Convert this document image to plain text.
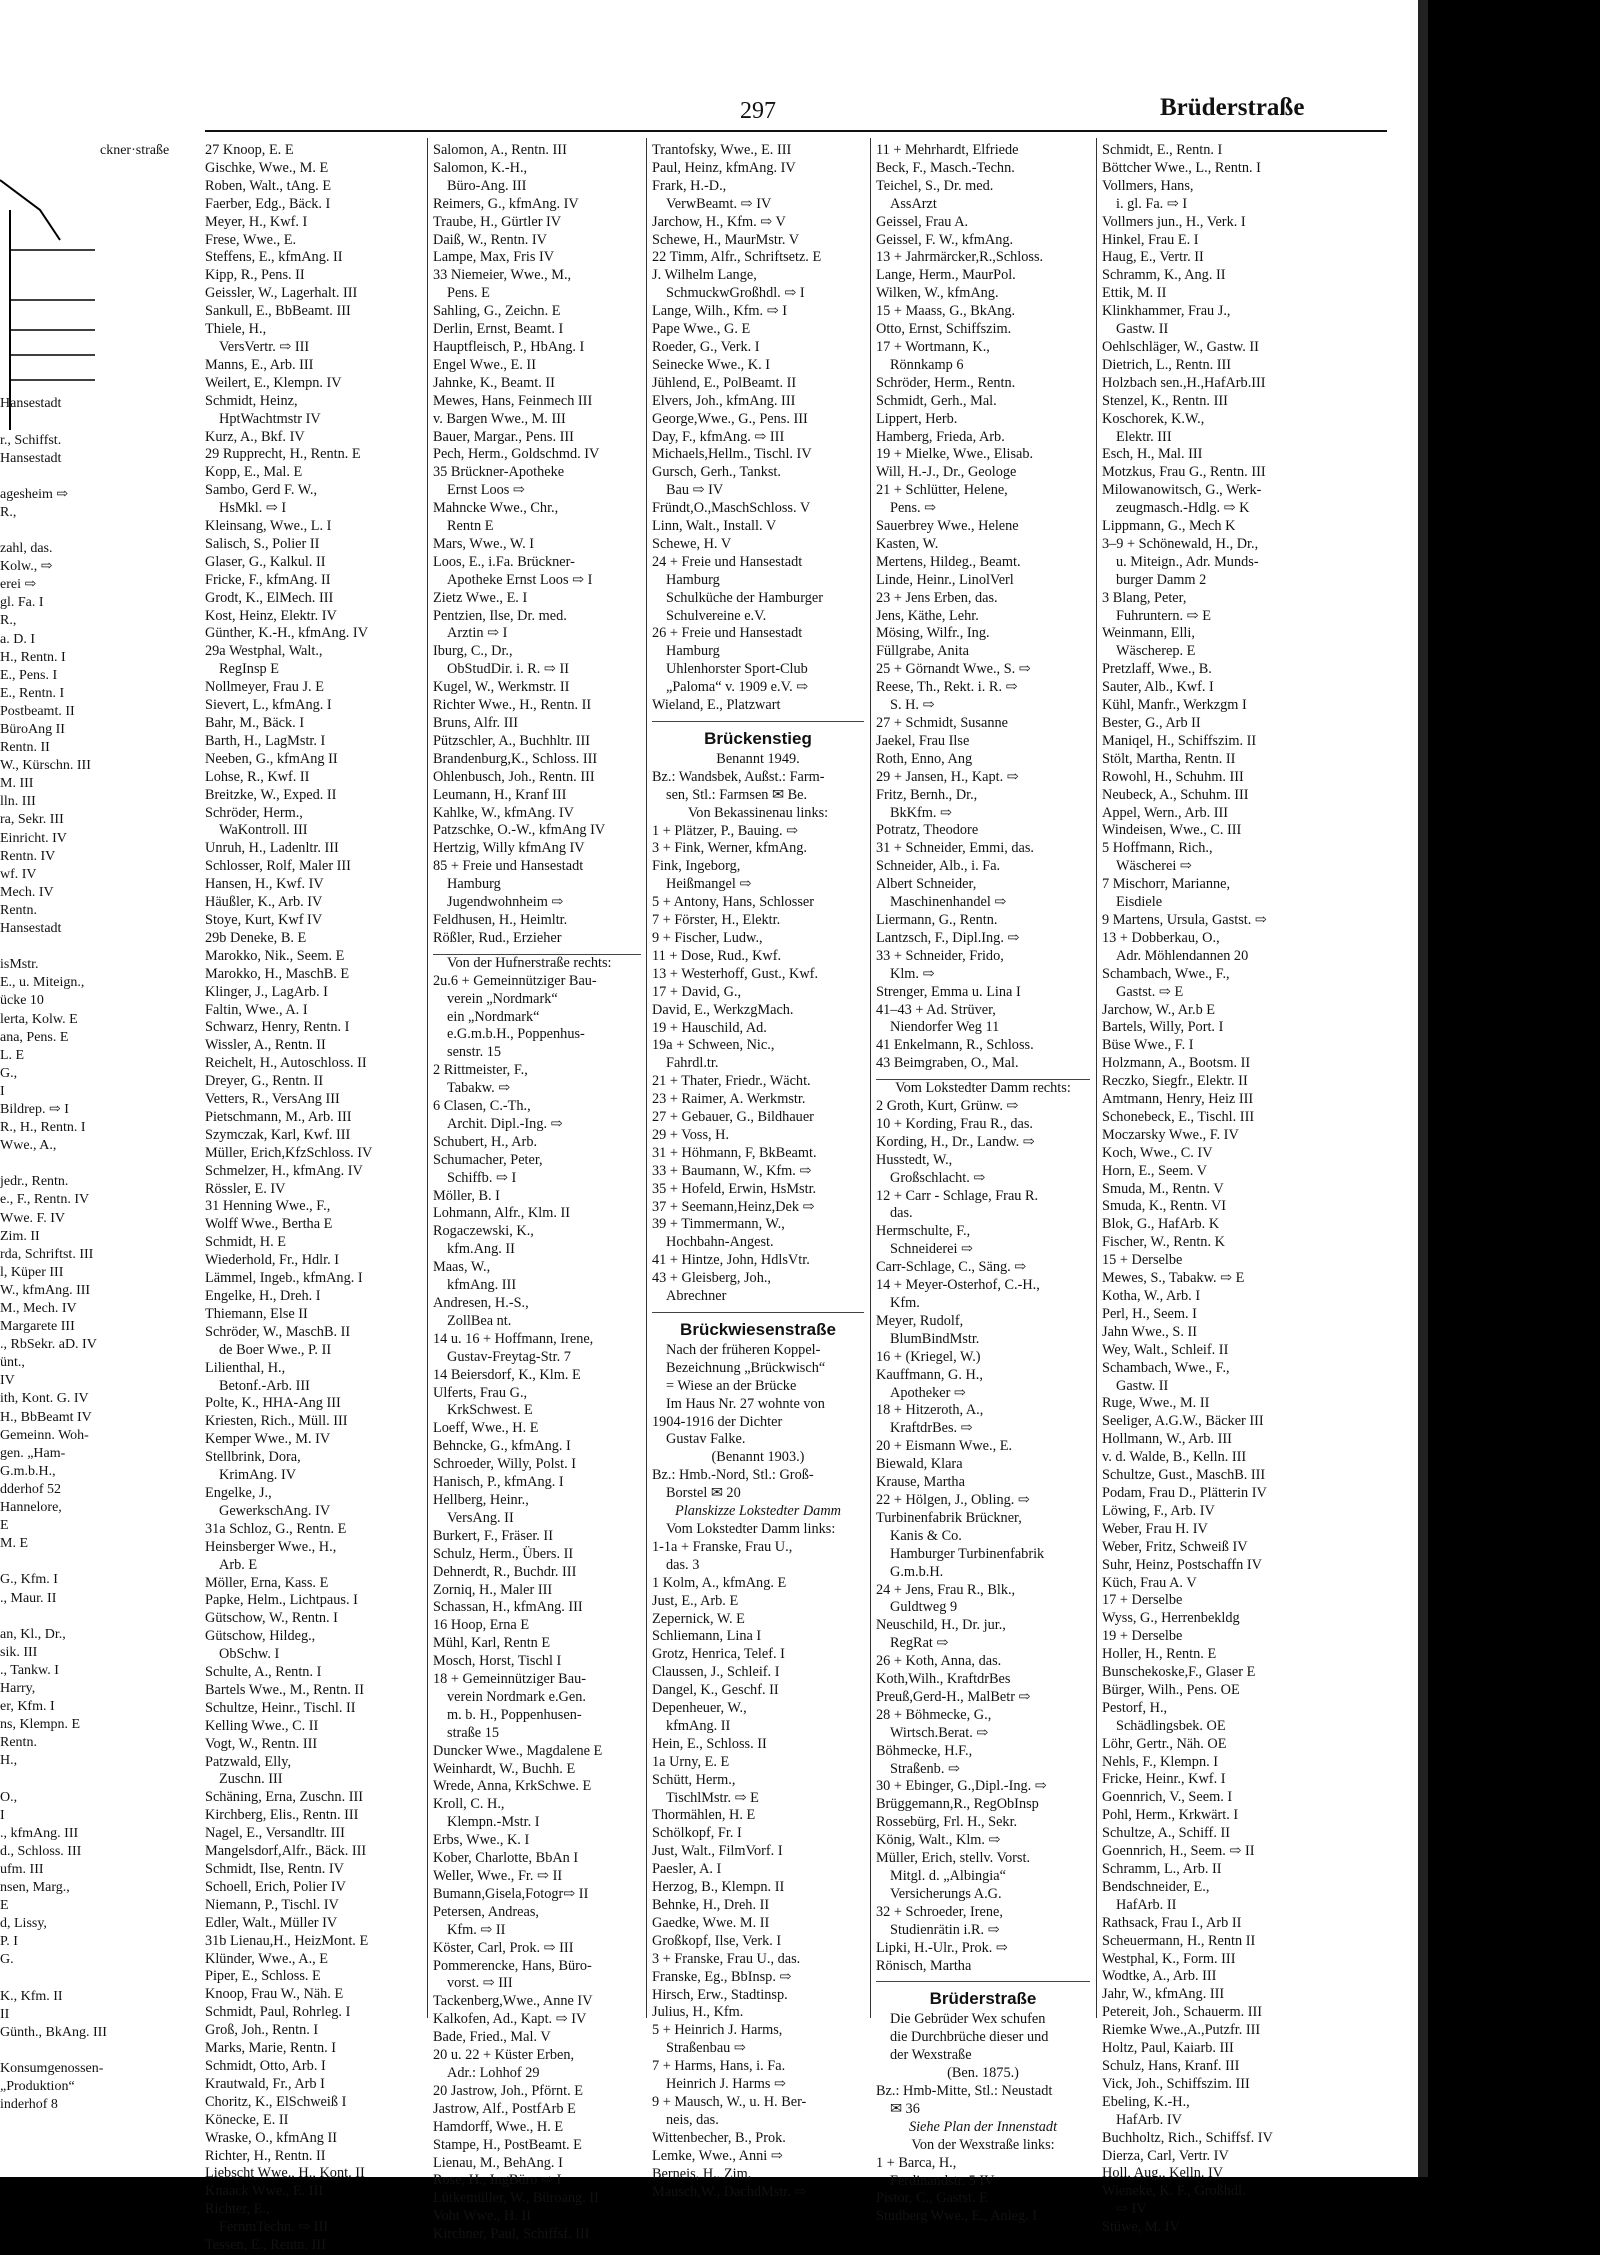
ckner·straße

Hansestadt

r., Schiffst.
Hansestadt

agesheim ⇨
R.,

zahl, das.
Kolw., ⇨
erei ⇨
gl. Fa. I
R.,
a. D. I
H., Rentn. I
E., Pens. I
E., Rentn. I
Postbeamt. II
BüroAng II
Rentn. II
W., Kürschn. III
M. III
lln. III
ra, Sekr. III
Einricht. IV
Rentn. IV
wf. IV
Mech. IV
Rentn.
Hansestadt

isMstr.
E., u. Miteign.,
ücke 10
lerta, Kolw. E
ana, Pens. E
L. E
G.,
I
Bildrep. ⇨ I
R., H., Rentn. I
Wwe., A.,

jedr., Rentn.
e., F., Rentn. IV
Wwe. F. IV
Zim. II
rda, Schriftst. III
l, Küper III
W., kfmAng. III
M., Mech. IV
Margarete III
., RbSekr. aD. IV
ünt.,
IV
ith, Kont. G. IV
H., BbBeamt IV
Gemeinn. Woh-
gen. „Ham-
G.m.b.H.,
dderhof 52
Hannelore,
E
M. E

G., Kfm. I
., Maur. II

an, Kl., Dr.,
sik. III
., Tankw. I
Harry,
er, Kfm. I
ns, Klempn. E
Rentn.
H.,

O.,
I
., kfmAng. III
d., Schloss. III
ufm. III
nsen, Marg.,
E
d, Lissy,
P. I
G.

K., Kfm. II
II
Günth., BkAng. III

Konsumgenossen-
„Produktion“
inderhof 8
297	Brüderstraße
27 Knoop, E. E
Gischke, Wwe., M. E
Roben, Walt., tAng. E
Faerber, Edg., Bäck. I
Meyer, H., Kwf. I
Frese, Wwe., E.
Steffens, E., kfmAng. II
Kipp, R., Pens. II
Geissler, W., Lagerhalt. III
Sankull, E., BbBeamt. III
Thiele, H.,
VersVertr. ⇨ III
Manns, E., Arb. III
Weilert, E., Klempn. IV
Schmidt, Heinz,
HptWachtmstr IV
Kurz, A., Bkf. IV
29 Rupprecht, H., Rentn. E
Kopp, E., Mal. E
Sambo, Gerd F. W.,
HsMkl. ⇨ I
Kleinsang, Wwe., L. I
Salisch, S., Polier II
Glaser, G., Kalkul. II
Fricke, F., kfmAng. II
Grodt, K., ElMech. III
Kost, Heinz, Elektr. IV
Günther, K.-H., kfmAng. IV
29a Westphal, Walt.,
RegInsp E
Nollmeyer, Frau J. E
Sievert, L., kfmAng. I
Bahr, M., Bäck. I
Barth, H., LagMstr. I
Neeben, G., kfmAng II
Lohse, R., Kwf. II
Breitzke, W., Exped. II
Schröder, Herm.,
WaKontroll. III
Unruh, H., Ladenltr. III
Schlosser, Rolf, Maler III
Hansen, H., Kwf. IV
Häußler, K., Arb. IV
Stoye, Kurt, Kwf IV
29b Deneke, B. E
Marokko, Nik., Seem. E
Marokko, H., MaschB. E
Klinger, J., LagArb. I
Faltin, Wwe., A. I
Schwarz, Henry, Rentn. I
Wissler, A., Rentn. II
Reichelt, H., Autoschloss. II
Dreyer, G., Rentn. II
Vetters, R., VersAng III
Pietschmann, M., Arb. III
Szymczak, Karl, Kwf. III
Müller, Erich,KfzSchloss. IV
Schmelzer, H., kfmAng. IV
Rössler, E. IV
31 Henning Wwe., F.,
Wolff Wwe., Bertha E
Schmidt, H. E
Wiederhold, Fr., Hdlr. I
Lämmel, Ingeb., kfmAng. I
Engelke, H., Dreh. I
Thiemann, Else II
Schröder, W., MaschB. II
de Boer Wwe., P. II
Lilienthal, H.,
Betonf.-Arb. III
Polte, K., HHA-Ang III
Kriesten, Rich., Müll. III
Kemper Wwe., M. IV
Stellbrink, Dora,
KrimAng. IV
Engelke, J.,
GewerkschAng. IV
31a Schloz, G., Rentn. E
Heinsberger Wwe., H.,
Arb. E
Möller, Erna, Kass. E
Papke, Helm., Lichtpaus. I
Gütschow, W., Rentn. I
Gütschow, Hildeg.,
ObSchw. I
Schulte, A., Rentn. I
Bartels Wwe., M., Rentn. II
Schultze, Heinr., Tischl. II
Kelling Wwe., C. II
Vogt, W., Rentn. III
Patzwald, Elly,
Zuschn. III
Schäning, Erna, Zuschn. III
Kirchberg, Elis., Rentn. III
Nagel, E., Versandltr. III
Mangelsdorf,Alfr., Bäck. III
Schmidt, Ilse, Rentn. IV
Schoell, Erich, Polier IV
Niemann, P., Tischl. IV
Edler, Walt., Müller IV
31b Lienau,H., HeizMont. E
Klünder, Wwe., A., E
Piper, E., Schloss. E
Knoop, Frau W., Näh. E
Schmidt, Paul, Rohrleg. I
Groß, Joh., Rentn. I
Marks, Marie, Rentn. I
Schmidt, Otto, Arb. I
Krautwald, Fr., Arb I
Choritz, K., ElSchweiß I
Könecke, E. II
Wraske, O., kfmAng II
Richter, H., Rentn. II
Liebscht Wwe., H., Kont. II
Knaack Wwe., E. III
Richter, E.,
FernmTechn. ⇨ III
Tessen, E., Rentn. III
Salomon, A., Rentn. III
Salomon, K.-H.,
Büro-Ang. III
Reimers, G., kfmAng. IV
Traube, H., Gürtler IV
Daiß, W., Rentn. IV
Lampe, Max, Fris IV
33 Niemeier, Wwe., M.,
Pens. E
Sahling, G., Zeichn. E
Derlin, Ernst, Beamt. I
Hauptfleisch, P., HbAng. I
Engel Wwe., E. II
Jahnke, K., Beamt. II
Mewes, Hans, Feinmech III
v. Bargen Wwe., M. III
Bauer, Margar., Pens. III
Pech, Herm., Goldschmd. IV
35 Brückner-Apotheke
Ernst Loos ⇨
Mahncke Wwe., Chr.,
Rentn E
Mars, Wwe., W. I
Loos, E., i.Fa. Brückner-
Apotheke Ernst Loos ⇨ I
Zietz Wwe., E. I
Pentzien, Ilse, Dr. med.
Arztin ⇨ I
Iburg, C., Dr.,
ObStudDir. i. R. ⇨ II
Kugel, W., Werkmstr. II
Richter Wwe., H., Rentn. II
Bruns, Alfr. III
Pützschler, A., Buchhltr. III
Brandenburg,K., Schloss. III
Ohlenbusch, Joh., Rentn. III
Leumann, H., Kranf III
Kahlke, W., kfmAng. IV
Patzschke, O.-W., kfmAng IV
Hertzig, Willy kfmAng IV
85 + Freie und Hansestadt
Hamburg
Jugendwohnheim ⇨
Feldhusen, H., Heimltr.
Rößler, Rud., Erzieher
Von der Hufnerstraße rechts:
2u.6 + Gemeinnütziger Bau-
verein „Nordmark“
ein „Nordmark“
e.G.m.b.H., Poppenhus-
senstr. 15
2 Rittmeister, F.,
Tabakw. ⇨
6 Clasen, C.-Th.,
Archit. Dipl.-Ing. ⇨
Schubert, H., Arb.
Schumacher, Peter,
Schiffb. ⇨ I
Möller, B. I
Lohmann, Alfr., Klm. II
Rogaczewski, K.,
kfm.Ang. II
Maas, W.,
kfmAng. III
Andresen, H.-S.,
ZollBea nt.
14 u. 16 + Hoffmann, Irene,
Gustav-Freytag-Str. 7
14 Beiersdorf, K., Klm. E
Ulferts, Frau G.,
KrkSchwest. E
Loeff, Wwe., H. E
Behncke, G., kfmAng. I
Schroeder, Willy, Polst. I
Hanisch, P., kfmAng. I
Hellberg, Heinr.,
VersAng. II
Burkert, F., Fräser. II
Schulz, Herm., Übers. II
Dehnerdt, R., Buchdr. III
Zorniq, H., Maler III
Schassan, H., kfmAng. III
16 Hoop, Erna E
Mühl, Karl, Rentn E
Mosch, Horst, Tischl I
18 + Gemeinnütziger Bau-
verein Nordmark e.Gen.
m. b. H., Poppenhusen-
straße 15
Duncker Wwe., Magdalene E
Weinhardt, W., Buchh. E
Wrede, Anna, KrkSchwe. E
Kroll, C. H.,
Klempn.-Mstr. I
Erbs, Wwe., K. I
Kober, Charlotte, BbAn I
Weller, Wwe., Fr. ⇨ II
Bumann,Gisela,Fotogr⇨ II
Petersen, Andreas,
Kfm. ⇨ II
Köster, Carl, Prok. ⇨ III
Pommerencke, Hans, Büro-
vorst. ⇨ III
Tackenberg,Wwe., Anne IV
Kalkofen, Ad., Kapt. ⇨ IV
Bade, Fried., Mal. V
20 u. 22 + Küster Erben,
Adr.: Lohhof 29
20 Jastrow, Joh., Pförnt. E
Jastrow, Alf., PostfArb E
Hamdorff, Wwe., H. E
Stampe, H., PostBeamt. E
Lienau, M., BehAng. I
Rose, H., IngBüro ⇨ I
Lütkemüller, W., Büroang. II
Voht Wwe., H. II
Kirchner, Paul, Schiffsf. III
Trantofsky, Wwe., E. III
Paul, Heinz, kfmAng. IV
Frark, H.-D.,
VerwBeamt. ⇨ IV
Jarchow, H., Kfm. ⇨ V
Schewe, H., MaurMstr. V
22 Timm, Alfr., Schriftsetz. E
J. Wilhelm Lange,
SchmuckwGroßhdl. ⇨ I
Lange, Wilh., Kfm. ⇨ I
Pape Wwe., G. E
Roeder, G., Verk. I
Seinecke Wwe., K. I
Jühlend, E., PolBeamt. II
Elvers, Joh., kfmAng. III
George,Wwe., G., Pens. III
Day, F., kfmAng. ⇨ III
Michaels,Hellm., Tischl. IV
Gursch, Gerh., Tankst.
Bau ⇨ IV
Fründt,O.,MaschSchloss. V
Linn, Walt., Install. V
Schewe, H. V
24 + Freie und Hansestadt
Hamburg
Schulküche der Hamburger
Schulvereine e.V.
26 + Freie und Hansestadt
Hamburg
Uhlenhorster Sport-Club
„Paloma“ v. 1909 e.V. ⇨
Wieland, E., Platzwart
Brückenstieg
Benannt 1949.
Bz.: Wandsbek, Außst.: Farm-
sen, Stl.: Farmsen ✉ Be.
Von Bekassinenau links:
1 + Plätzer, P., Bauing. ⇨
3 + Fink, Werner, kfmAng.
Fink, Ingeborg,
Heißmangel ⇨
5 + Antony, Hans, Schlosser
7 + Förster, H., Elektr.
9 + Fischer, Ludw.,
11 + Dose, Rud., Kwf.
13 + Westerhoff, Gust., Kwf.
17 + David, G.,
David, E., WerkzgMach.
19 + Hauschild, Ad.
19a + Schween, Nic.,
Fahrdl.tr.
21 + Thater, Friedr., Wächt.
23 + Raimer, A. Werkmstr.
27 + Gebauer, G., Bildhauer
29 + Voss, H.
31 + Höhmann, F, BkBeamt.
33 + Baumann, W., Kfm. ⇨
35 + Hofeld, Erwin, HsMstr.
37 + Seemann,Heinz,Dek ⇨
39 + Timmermann, W.,
Hochbahn-Angest.
41 + Hintze, John, HdlsVtr.
43 + Gleisberg, Joh.,
Abrechner
Brückwiesenstraße
Nach der früheren Koppel-
Bezeichnung „Brückwisch“
= Wiese an der Brücke
Im Haus Nr. 27 wohnte von
1904-1916 der Dichter
Gustav Falke.
(Benannt 1903.)
Bz.: Hmb.-Nord, Stl.: Groß-
Borstel ✉ 20
Planskizze Lokstedter Damm
Vom Lokstedter Damm links:
1-1a + Franske, Frau U.,
das. 3
1 Kolm, A., kfmAng. E
Just, E., Arb. E
Zepernick, W. E
Schliemann, Lina I
Grotz, Henrica, Telef. I
Claussen, J., Schleif. I
Dangel, K., Geschf. II
Depenheuer, W.,
kfmAng. II
Hein, E., Schloss. II
1a Urny, E. E
Schütt, Herm.,
TischlMstr. ⇨ E
Thormählen, H. E
Schölkopf, Fr. I
Just, Walt., FilmVorf. I
Paesler, A. I
Herzog, B., Klempn. II
Behnke, H., Dreh. II
Gaedke, Wwe. M. II
Großkopf, Ilse, Verk. I
3 + Franske, Frau U., das.
Franske, Eg., BbInsp. ⇨
Hirsch, Erw., Stadtinsp.
Julius, H., Kfm.
5 + Heinrich J. Harms,
Straßenbau ⇨
7 + Harms, Hans, i. Fa.
Heinrich J. Harms ⇨
9 + Mausch, W., u. H. Ber-
neis, das.
Wittenbecher, B., Prok.
Lemke, Wwe., Anni ⇨
Berneis, H., Zim.
Mausch,W., DachdMstr. ⇨
11 + Mehrhardt, Elfriede
Beck, F., Masch.-Techn.
Teichel, S., Dr. med.
AssArzt
Geissel, Frau A.
Geissel, F. W., kfmAng.
13 + Jahrmärcker,R.,Schloss.
Lange, Herm., MaurPol.
Wilken, W., kfmAng.
15 + Maass, G., BkAng.
Otto, Ernst, Schiffszim.
17 + Wortmann, K.,
Rönnkamp 6
Schröder, Herm., Rentn.
Schmidt, Gerh., Mal.
Lippert, Herb.
Hamberg, Frieda, Arb.
19 + Mielke, Wwe., Elisab.
Will, H.-J., Dr., Geologe
21 + Schlütter, Helene,
Pens. ⇨
Sauerbrey Wwe., Helene
Kasten, W.
Mertens, Hildeg., Beamt.
Linde, Heinr., LinolVerl
23 + Jens Erben, das.
Jens, Käthe, Lehr.
Mösing, Wilfr., Ing.
Füllgrabe, Anita
25 + Görnandt Wwe., S. ⇨
Reese, Th., Rekt. i. R. ⇨
S. H. ⇨
27 + Schmidt, Susanne
Jaekel, Frau Ilse
Roth, Enno, Ang
29 + Jansen, H., Kapt. ⇨
Fritz, Bernh., Dr.,
BkKfm. ⇨
Potratz, Theodore
31 + Schneider, Emmi, das.
Schneider, Alb., i. Fa.
Albert Schneider,
Maschinenhandel ⇨
Liermann, G., Rentn.
Lantzsch, F., Dipl.Ing. ⇨
33 + Schneider, Frido,
Klm. ⇨
Strenger, Emma u. Lina I
41–43 + Ad. Strüver,
Niendorfer Weg 11
41 Enkelmann, R., Schloss.
43 Beimgraben, O., Mal.
Vom Lokstedter Damm rechts:
2 Groth, Kurt, Grünw. ⇨
10 + Kording, Frau R., das.
Kording, H., Dr., Landw. ⇨
Husstedt, W.,
Großschlacht. ⇨
12 + Carr - Schlage, Frau R.
das.
Hermschulte, F.,
Schneiderei ⇨
Carr-Schlage, C., Säng. ⇨
14 + Meyer-Osterhof, C.-H.,
Kfm.
Meyer, Rudolf,
BlumBindMstr.
16 + (Kriegel, W.)
Kauffmann, G. H.,
Apotheker ⇨
18 + Hitzeroth, A.,
KraftdrBes. ⇨
20 + Eismann Wwe., E.
Biewald, Klara
Krause, Martha
22 + Hölgen, J., Obling. ⇨
Turbinenfabrik Brückner,
Kanis & Co.
Hamburger Turbinenfabrik
G.m.b.H.
24 + Jens, Frau R., Blk.,
Guldtweg 9
Neuschild, H., Dr. jur.,
RegRat ⇨
26 + Koth, Anna, das.
Koth,Wilh., KraftdrBes
Preuß,Gerd-H., MalBetr ⇨
28 + Böhmecke, G.,
Wirtsch.Berat. ⇨
Böhmecke, H.F.,
Straßenb. ⇨
30 + Ebinger, G.,Dipl.-Ing. ⇨
Brüggemann,R., RegObInsp
Rossebürg, Frl. H., Sekr.
König, Walt., Klm. ⇨
Müller, Erich, stellv. Vorst.
Mitgl. d. „Albingia“
Versicherungs A.G.
32 + Schroeder, Irene,
Studienrätin i.R. ⇨
Lipki, H.-Ulr., Prok. ⇨
Rönisch, Martha
Brüderstraße
Die Gebrüder Wex schufen
die Durchbrüche dieser und
der Wexstraße
(Ben. 1875.)
Bz.: Hmb-Mitte, Stl.: Neustadt
✉ 36
Siehe Plan der Innenstadt
Von der Wexstraße links:
1 + Barca, H.,
Ferdinandstr. 5 IV
Pistor, C., Gastst. E
Studberg Wwe., E., Anleg. I
Schmidt, E., Rentn. I
Böttcher Wwe., L., Rentn. I
Vollmers, Hans,
i. gl. Fa. ⇨ I
Vollmers jun., H., Verk. I
Hinkel, Frau E. I
Haug, E., Vertr. II
Schramm, K., Ang. II
Ettik, M. II
Klinkhammer, Frau J.,
Gastw. II
Oehlschläger, W., Gastw. II
Dietrich, L., Rentn. III
Holzbach sen.,H.,HafArb.III
Stenzel, K., Rentn. III
Koschorek, K.W.,
Elektr. III
Esch, H., Mal. III
Motzkus, Frau G., Rentn. III
Milowanowitsch, G., Werk-
zeugmasch.-Hdlg. ⇨ K
Lippmann, G., Mech K
3–9 + Schönewald, H., Dr.,
u. Miteign., Adr. Munds-
burger Damm 2
3 Blang, Peter,
Fuhruntern. ⇨ E
Weinmann, Elli,
Wäscherep. E
Pretzlaff, Wwe., B.
Sauter, Alb., Kwf. I
Kühl, Manfr., Werkzgm I
Bester, G., Arb II
Maniqel, H., Schiffszim. II
Stölt, Martha, Rentn. II
Rowohl, H., Schuhm. III
Neubeck, A., Schuhm. III
Appel, Wern., Arb. III
Windeisen, Wwe., C. III
5 Hoffmann, Rich.,
Wäscherei ⇨
7 Mischorr, Marianne,
Eisdiele
9 Martens, Ursula, Gastst. ⇨
13 + Dobberkau, O.,
Adr. Möhlendannen 20
Schambach, Wwe., F.,
Gastst. ⇨ E
Jarchow, W., Ar.b E
Bartels, Willy, Port. I
Büse Wwe., F. I
Holzmann, A., Bootsm. II
Reczko, Siegfr., Elektr. II
Amtmann, Henry, Heiz III
Schonebeck, E., Tischl. III
Moczarsky Wwe., F. IV
Koch, Wwe., C. IV
Horn, E., Seem. V
Smuda, M., Rentn. V
Smuda, K., Rentn. VI
Blok, G., HafArb. K
Fischer, W., Rentn. K
15 + Derselbe
Mewes, S., Tabakw. ⇨ E
Kotha, W., Arb. I
Perl, H., Seem. I
Jahn Wwe., S. II
Wey, Walt., Schleif. II
Schambach, Wwe., F.,
Gastw. II
Ruge, Wwe., M. II
Seeliger, A.G.W., Bäcker III
Hollmann, W., Arb. III
v. d. Walde, B., Kelln. III
Schultze, Gust., MaschB. III
Podam, Frau D., Plätterin IV
Löwing, F., Arb. IV
Weber, Frau H. IV
Weber, Fritz, Schweiß IV
Suhr, Heinz, Postschaffn IV
Küch, Frau A. V
17 + Derselbe
Wyss, G., Herrenbekldg
19 + Derselbe
Holler, H., Rentn. E
Bunschekoske,F., Glaser E
Bürger, Wilh., Pens. OE
Pestorf, H.,
Schädlingsbek. OE
Löhr, Gertr., Näh. OE
Nehls, F., Klempn. I
Fricke, Heinr., Kwf. I
Goennrich, V., Seem. I
Pohl, Herm., Krkwärt. I
Schultze, A., Schiff. II
Goennrich, H., Seem. ⇨ II
Schramm, L., Arb. II
Bendschneider, E.,
HafArb. II
Rathsack, Frau I., Arb II
Scheuermann, H., Rentn II
Westphal, K., Form. III
Wodtke, A., Arb. III
Jahr, W., kfmAng. III
Petereit, Joh., Schauerm. III
Riemke Wwe.,A.,Putzfr. III
Holtz, Paul, Kaiarb. III
Schulz, Hans, Kranf. III
Vick, Joh., Schiffszim. III
Ebeling, K.-H.,
HafArb. IV
Buchholtz, Rich., Schiffsf. IV
Dierza, Carl, Vertr. IV
Holl, Aug., Kelln. IV
Wieneke, K. F., Großhdl.
⇨ IV
Stüwe, M. IV
